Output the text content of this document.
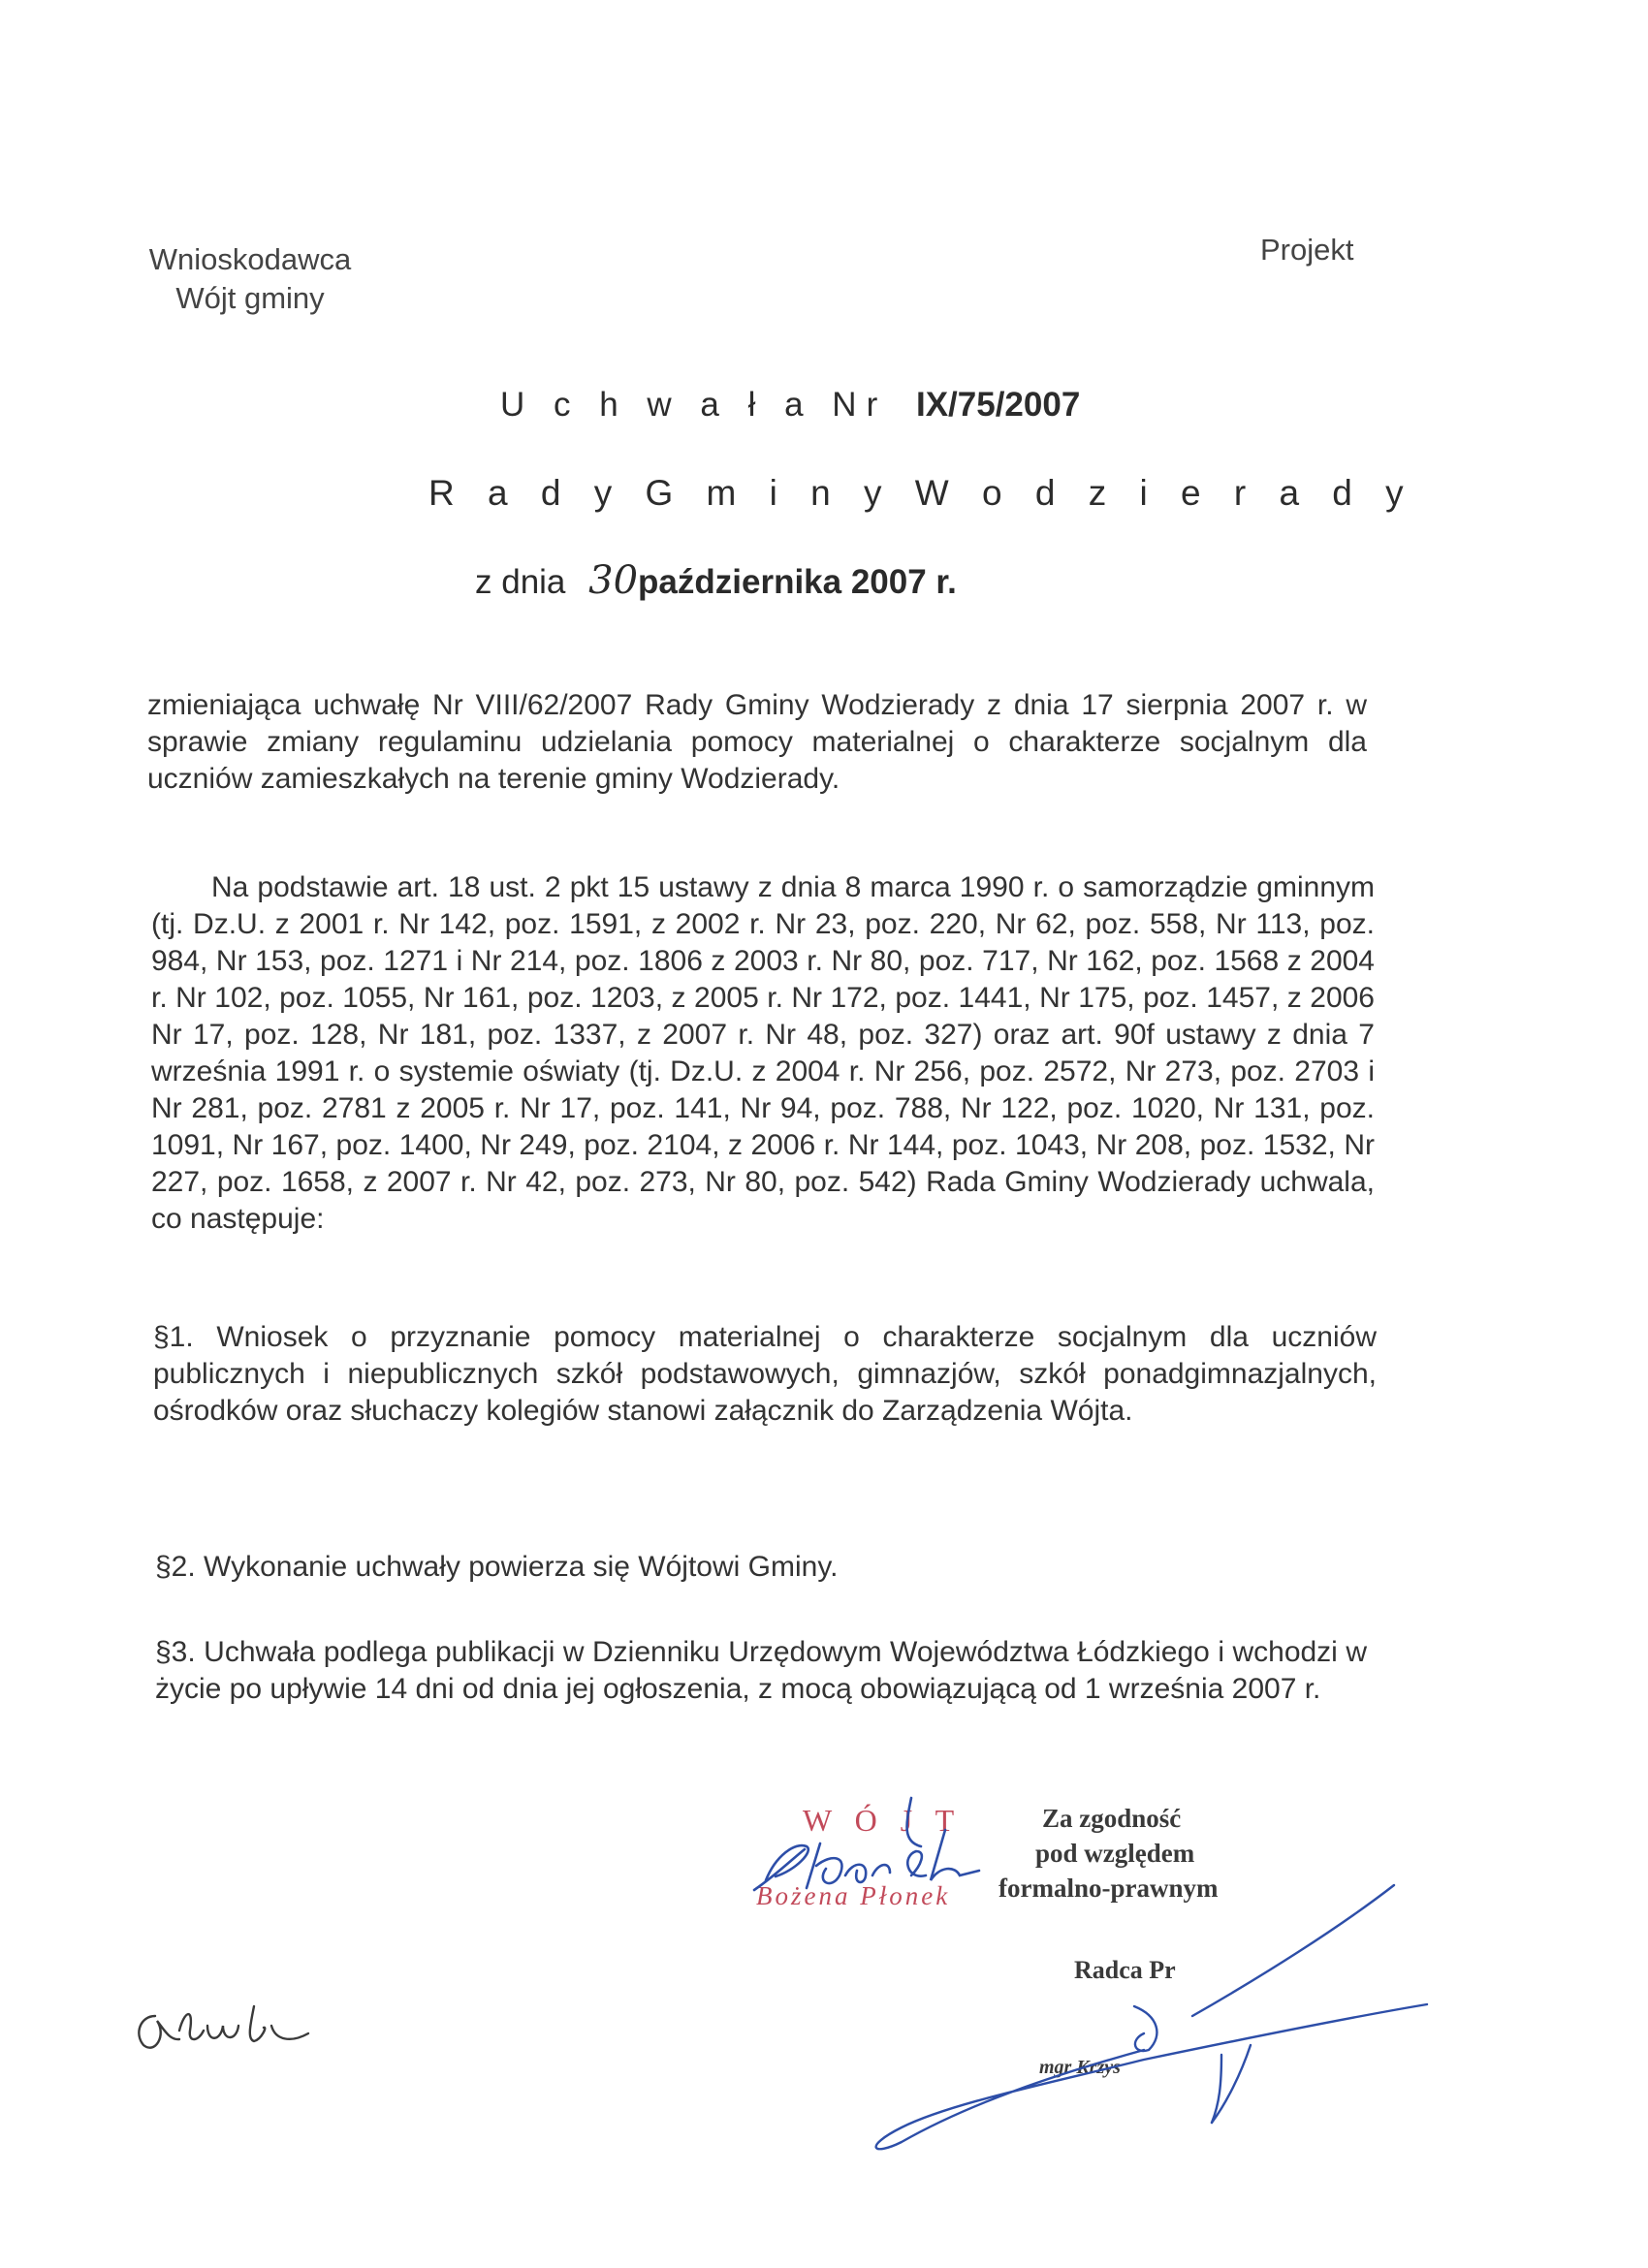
Wnioskodawca
Wójt gminy
Projekt
U c h w a ł a Nr IX/75/2007
R a d y G m i n y W o d z i e r a d y
z dnia 30października 2007 r.
zmieniająca uchwałę Nr VIII/62/2007 Rady Gminy Wodzierady z dnia 17 sierpnia 2007 r. w sprawie zmiany regulaminu udzielania pomocy materialnej o charakterze socjalnym dla uczniów zamieszkałych na terenie gminy Wodzierady.
Na podstawie art. 18 ust. 2 pkt 15 ustawy z dnia 8 marca 1990 r. o samorządzie gminnym (tj. Dz.U. z 2001 r. Nr 142, poz. 1591, z 2002 r. Nr 23, poz. 220, Nr 62, poz. 558, Nr 113, poz. 984, Nr 153, poz. 1271 i Nr 214, poz. 1806 z 2003 r. Nr 80, poz. 717, Nr 162, poz. 1568 z 2004 r. Nr 102, poz. 1055, Nr 161, poz. 1203, z 2005 r. Nr 172, poz. 1441, Nr 175, poz. 1457, z 2006 Nr 17, poz. 128, Nr 181, poz. 1337, z 2007 r. Nr 48, poz. 327) oraz art. 90f ustawy z dnia 7 września 1991 r. o systemie oświaty (tj. Dz.U. z 2004 r. Nr 256, poz. 2572, Nr 273, poz. 2703 i Nr 281, poz. 2781 z 2005 r. Nr 17, poz. 141, Nr 94, poz. 788, Nr 122, poz. 1020, Nr 131, poz. 1091, Nr 167, poz. 1400, Nr 249, poz. 2104, z 2006 r. Nr 144, poz. 1043, Nr 208, poz. 1532, Nr 227, poz. 1658, z 2007 r. Nr 42, poz. 273, Nr 80, poz. 542) Rada Gminy Wodzierady uchwala, co następuje:
§1. Wniosek o przyznanie pomocy materialnej o charakterze socjalnym dla uczniów publicznych i niepublicznych szkół podstawowych, gimnazjów, szkół ponadgimnazjalnych, ośrodków oraz słuchaczy kolegiów stanowi załącznik do Zarządzenia Wójta.
§2. Wykonanie uchwały powierza się Wójtowi Gminy.
§3. Uchwała podlega publikacji w Dzienniku Urzędowym Województwa Łódzkiego i wchodzi w życie po upływie 14 dni od dnia jej ogłoszenia, z mocą obowiązującą od 1 września 2007 r.
W Ó J T
Bożena Płonek
Za zgodność
pod względem
formalno-prawnym
Radca Pr
mgr Krzys
